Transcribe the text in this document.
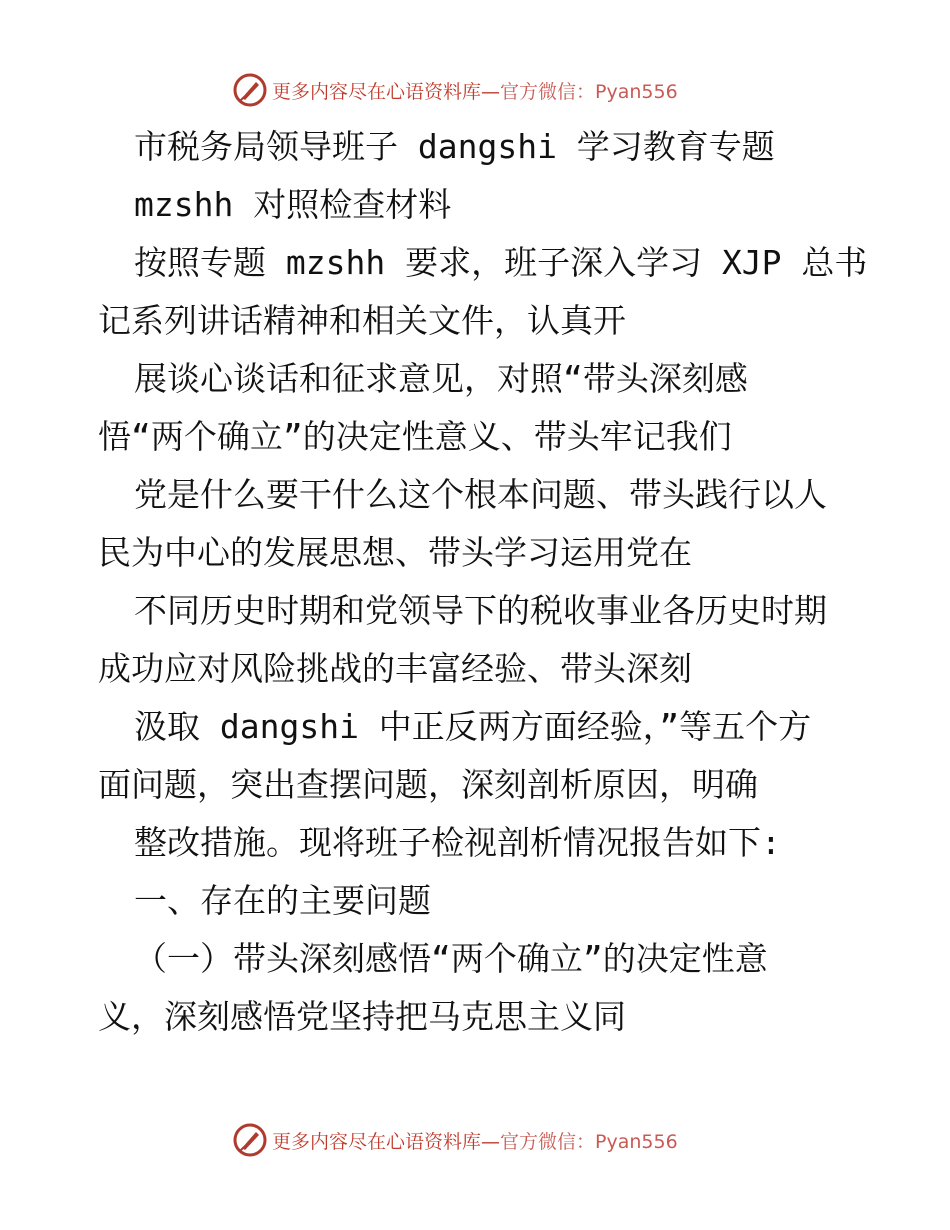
更多内容尽在心语资料库—官方微信：Pyan556
市税务局领导班子 dangshi 学习教育专题
mzshh 对照检查材料
按照专题 mzshh 要求，班子深入学习 XJP 总书
记系列讲话精神和相关文件，认真开
展谈心谈话和征求意见，对照“带头深刻感
悟“两个确立”的决定性意义、带头牢记我们
党是什么要干什么这个根本问题、带头践行以人
民为中心的发展思想、带头学习运用党在
不同历史时期和党领导下的税收事业各历史时期
成功应对风险挑战的丰富经验、带头深刻
汲取 dangshi 中正反两方面经验，”等五个方
面问题，突出查摆问题，深刻剖析原因，明确
整改措施。现将班子检视剖析情况报告如下:
一、存在的主要问题
（一）带头深刻感悟“两个确立”的决定性意
义，深刻感悟党坚持把马克思主义同
更多内容尽在心语资料库—官方微信：Pyan556
